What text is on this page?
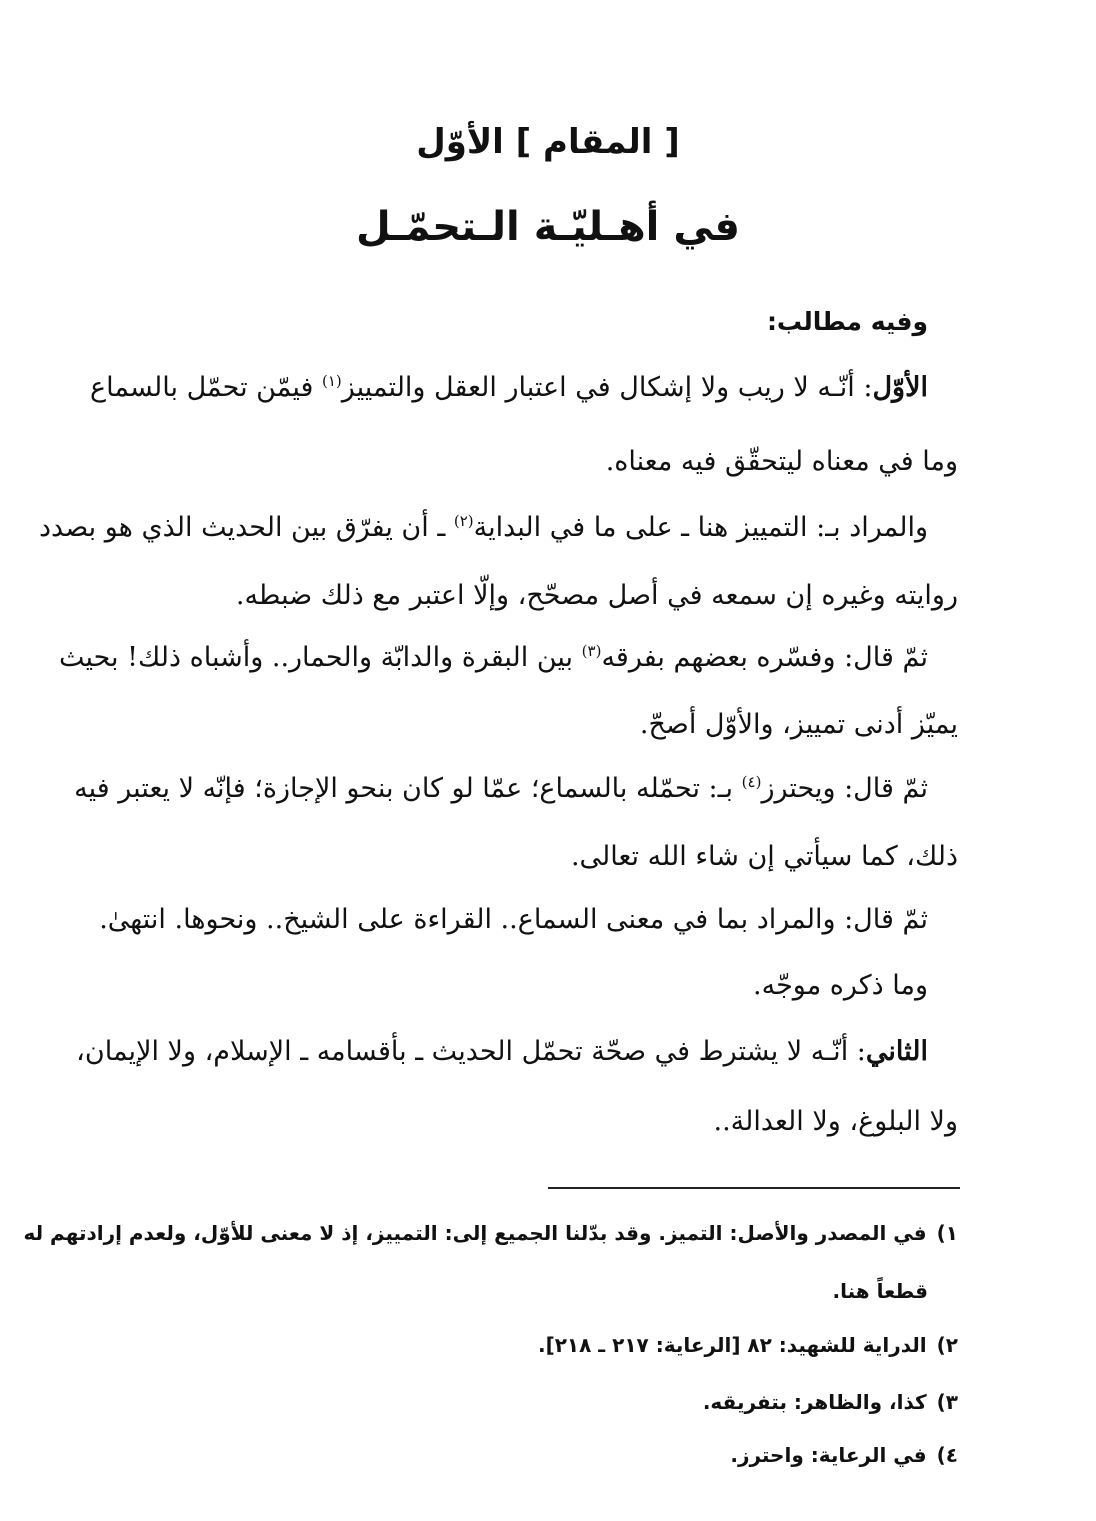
[ المقام ] الأوّل
في أهـليّـة الـتحمّـل
وفيه مطالب:
الأوّل: أنّـه لا ريب ولا إشكال في اعتبار العقل والتمييز$^{(١)}$ فيمّن تحمّل بالسماع
وما في معناه ليتحقّق فيه معناه.
والمراد بـ: التمييز هنا ـ على ما في البداية$^{(٢)}$ ـ أن يفرّق بين الحديث الذي هو بصدد
روايته وغيره إن سمعه في أصل مصحّح، وإلّا اعتبر مع ذلك ضبطه.
ثمّ قال: وفسّره بعضهم بفرقه$^{(٣)}$ بين البقرة والدابّة والحمار.. وأشباه ذلك! بحيث
يميّز أدنى تمييز، والأوّل أصحّ.
ثمّ قال: ويحترز$^{(٤)}$ بـ: تحمّله بالسماع؛ عمّا لو كان بنحو الإجازة؛ فإنّه لا يعتبر فيه
ذلك، كما سيأتي إن شاء الله تعالى.
ثمّ قال: والمراد بما في معنى السماع.. القراءة على الشيخ.. ونحوها. انتهىٰ.
وما ذكره موجّه.
الثاني: أنّـه لا يشترط في صحّة تحمّل الحديث ـ بأقسامه ـ الإسلام، ولا الإيمان،
ولا البلوغ، ولا العدالة..
١)في المصدر والأصل: التميز. وقد بدّلنا الجميع إلى: التمييز، إذ لا معنى للأوّل، ولعدم إرادتهم له
قطعاً هنا.
٢)الدراية للشهيد: ٨٢ [الرعاية: ٢١٧ ـ ٢١٨].
٣)كذا، والظاهر: بتفريقه.
٤)في الرعاية: واحترز.
